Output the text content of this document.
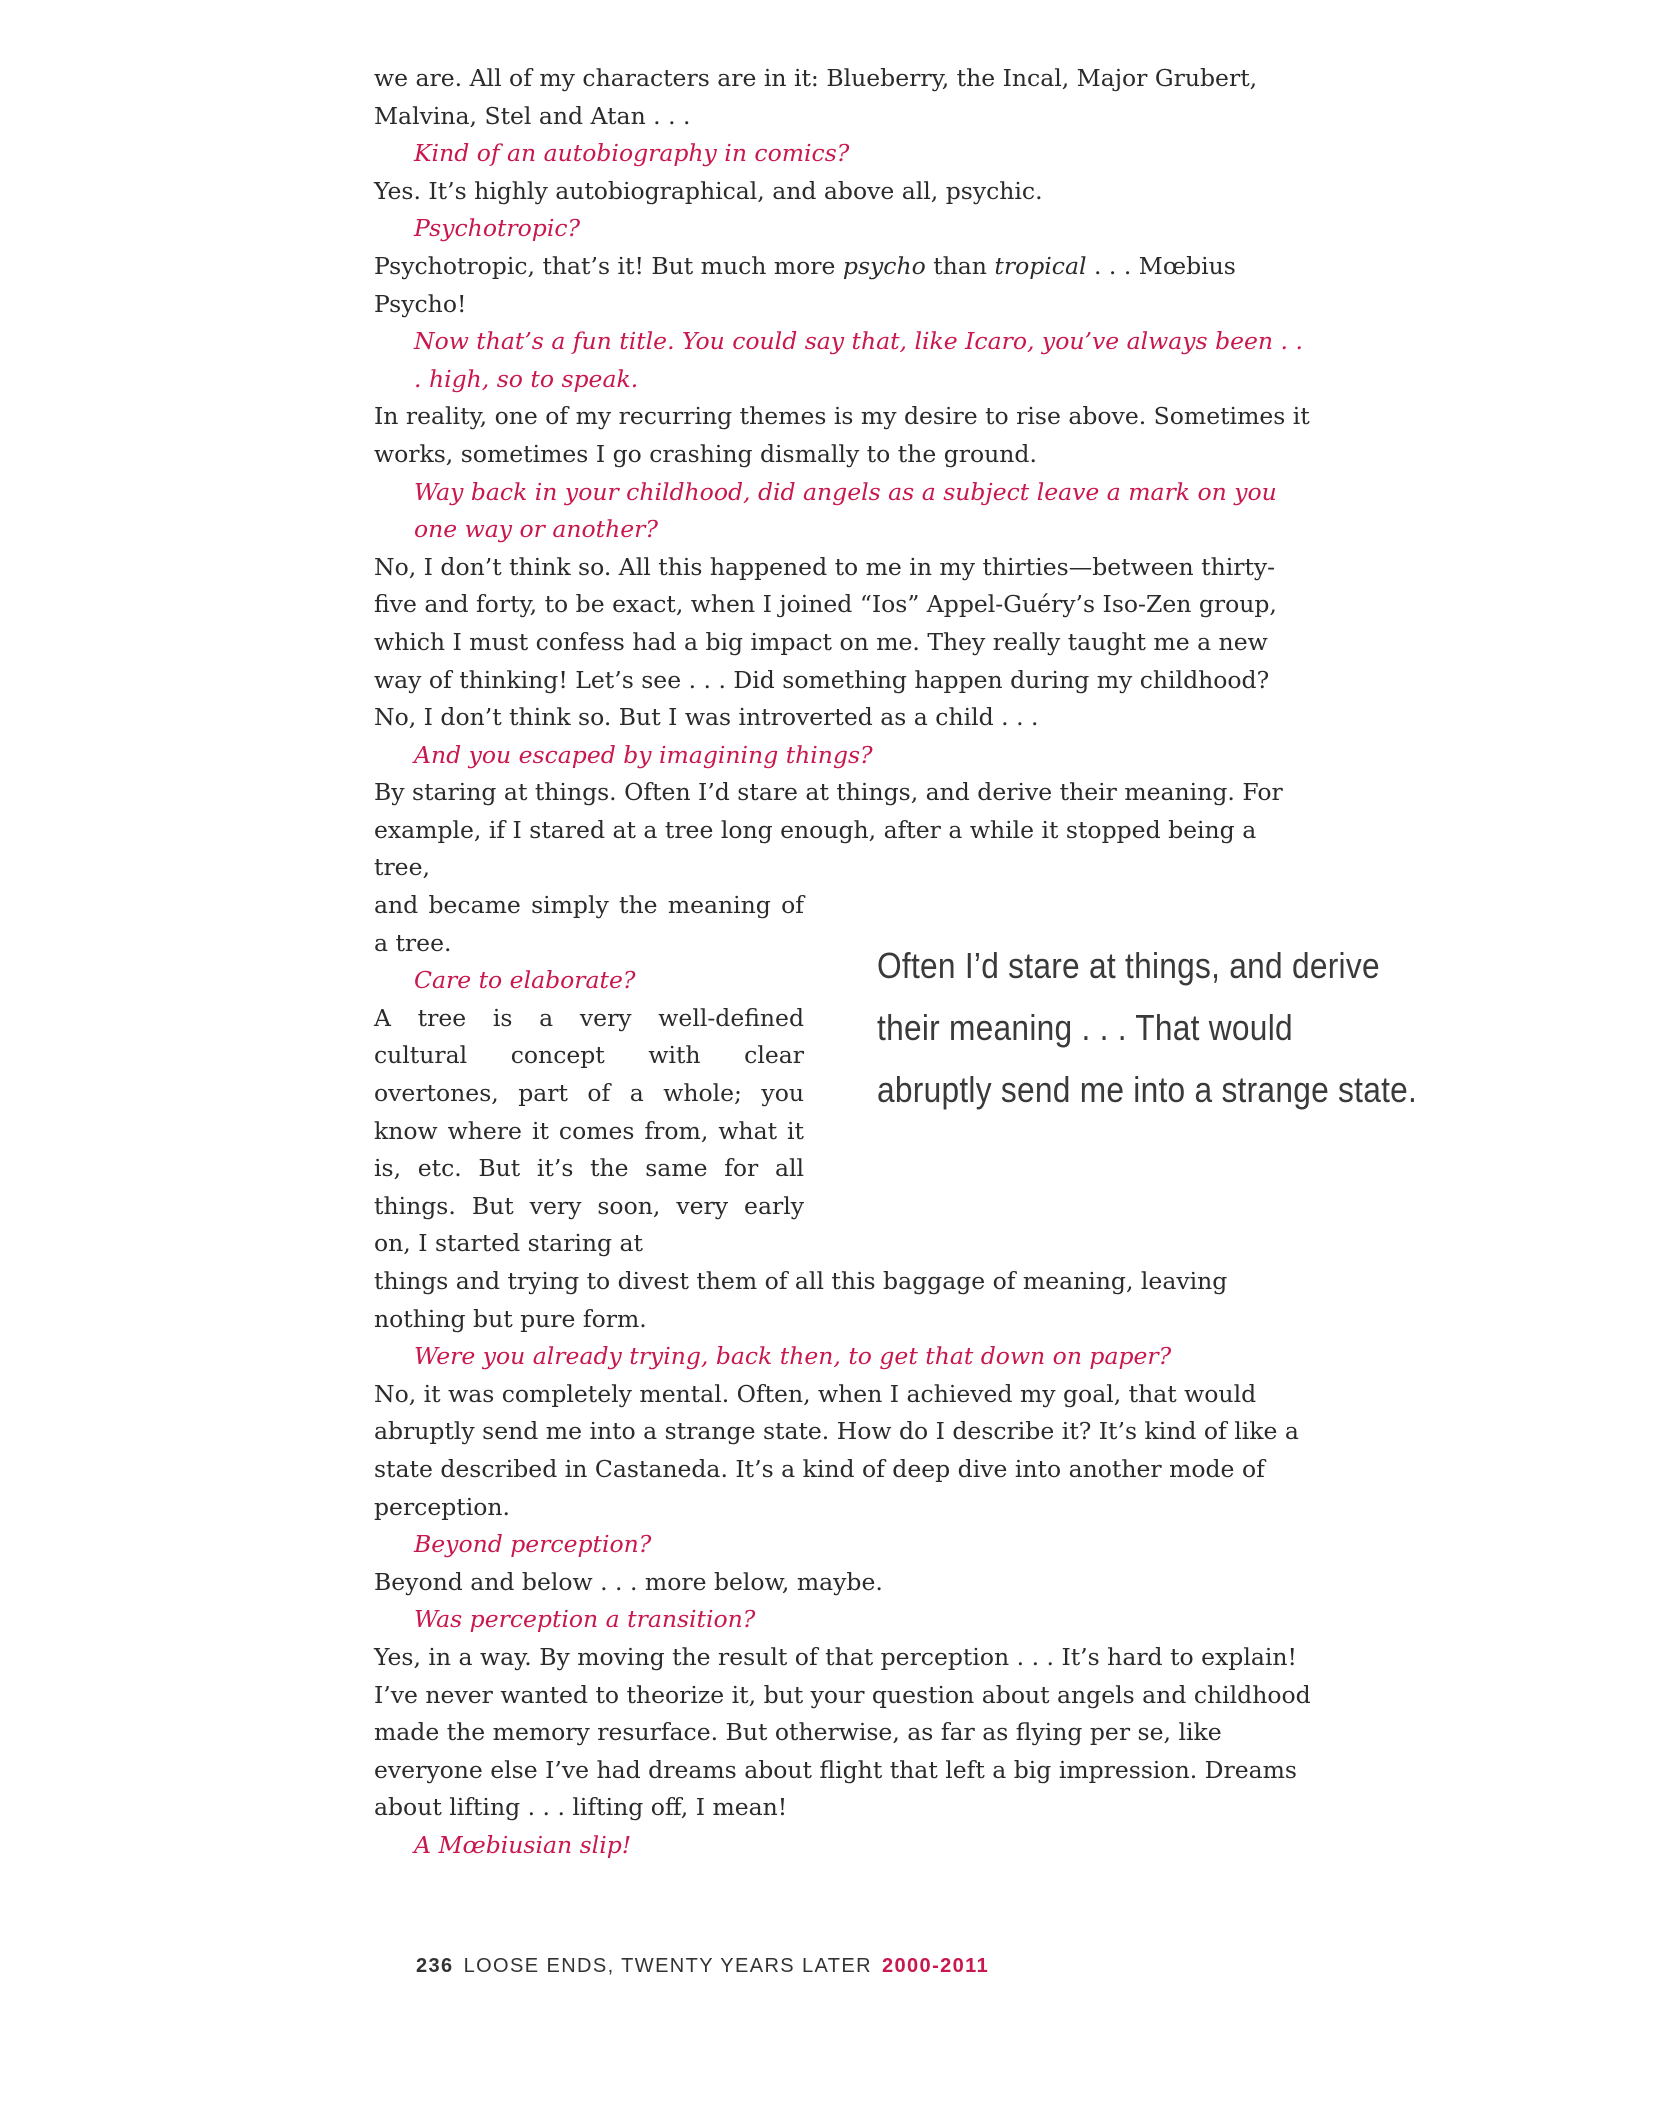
we are. All of my characters are in it: Blueberry, the Incal, Major Grubert, Malvina, Stel and Atan . . .

Kind of an autobiography in comics?

Yes. It’s highly autobiographical, and above all, psychic.

Psychotropic?

Psychotropic, that’s it! But much more psycho than tropical . . . Mœbius Psycho!

Now that’s a fun title. You could say that, like Icaro, you’ve always been . . . high, so to speak.

In reality, one of my recurring themes is my desire to rise above. Sometimes it works, sometimes I go crashing dismally to the ground.

Way back in your childhood, did angels as a subject leave a mark on you one way or another?

No, I don’t think so. All this happened to me in my thirties—between thirty-five and forty, to be exact, when I joined “Ios” Appel-Guéry’s Iso-Zen group, which I must confess had a big impact on me. They really taught me a new way of thinking! Let’s see . . . Did something happen during my childhood? No, I don’t think so. But I was introverted as a child . . .

And you escaped by imagining things?

By staring at things. Often I’d stare at things, and derive their meaning. For example, if I stared at a tree long enough, after a while it stopped being a tree,

and became simply the meaning of a tree.

Care to elaborate?

A tree is a very well-defined cultural concept with clear overtones, part of a whole; you know where it comes from, what it is, etc. But it’s the same for all things. But very soon, very early on, I started staring at

things and trying to divest them of all this baggage of meaning, leaving nothing but pure form.

Were you already trying, back then, to get that down on paper?

No, it was completely mental. Often, when I achieved my goal, that would abruptly send me into a strange state. How do I describe it? It’s kind of like a state described in Castaneda. It’s a kind of deep dive into another mode of perception.

Beyond perception?

Beyond and below . . . more below, maybe.

Was perception a transition?

Yes, in a way. By moving the result of that perception . . . It’s hard to explain! I’ve never wanted to theorize it, but your question about angels and childhood made the memory resurface. But otherwise, as far as flying per se, like everyone else I’ve had dreams about flight that left a big impression. Dreams about lifting . . . lifting off, I mean!

A Mœbiusian slip!

Often I’d stare at things, and derive
their meaning . . . That would
abruptly send me into a strange state.
236 LOOSE ENDS, TWENTY YEARS LATER 2000-2011
